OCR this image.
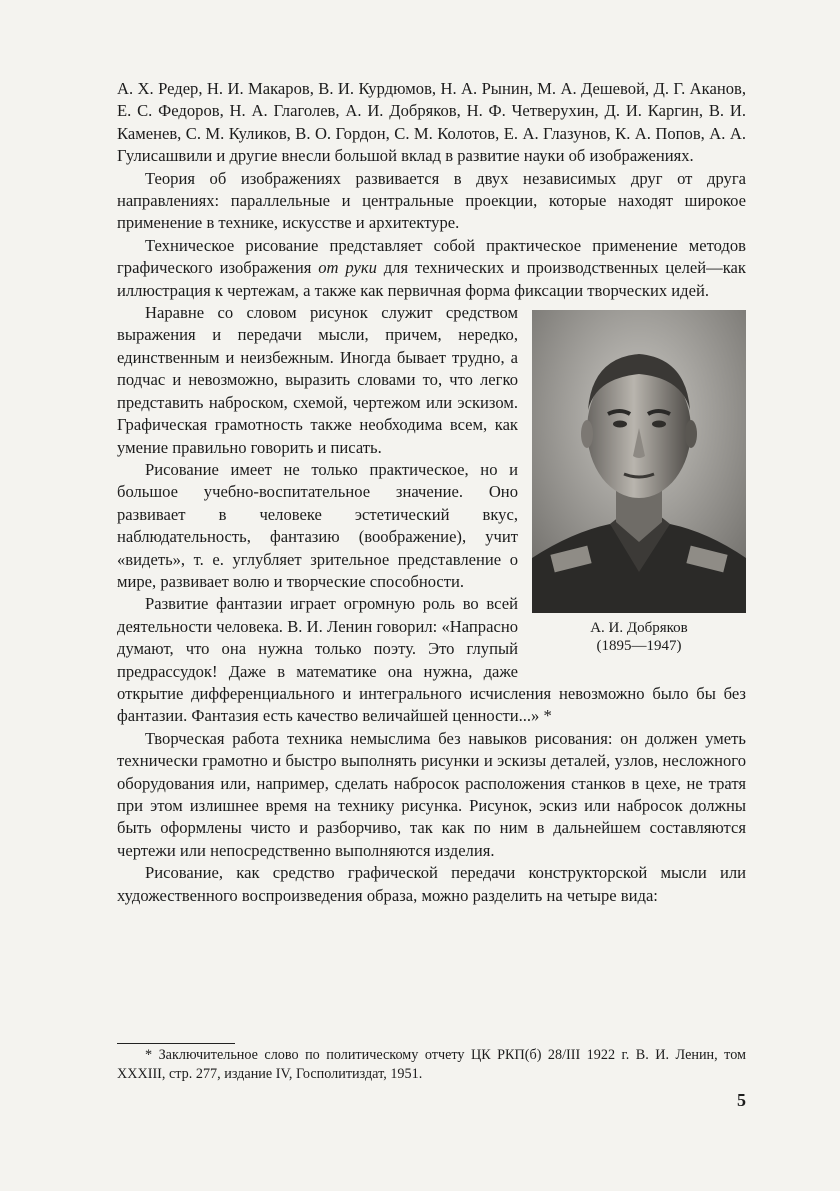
А. Х. Редер, Н. И. Макаров, В. И. Курдюмов, Н. А. Рынин, М. А. Дешевой, Д. Г. Аканов, Е. С. Федоров, Н. А. Глаголев, А. И. Добряков, Н. Ф. Четверухин, Д. И. Каргин, В. И. Каменев, С. М. Куликов, В. О. Гордон, С. М. Колотов, Е. А. Глазунов, К. А. Попов, А. А. Гулисашвили и другие внесли большой вклад в развитие науки об изображениях.

Теория об изображениях развивается в двух независимых друг от друга направлениях: параллельные и центральные проекции, которые находят широкое применение в технике, искусстве и архитектуре.

Техническое рисование представляет собой практическое применение методов графического изображения от руки для технических и производственных целей—как иллюстрация к чертежам, а также как первичная форма фиксации творческих идей.

А. И. Добряков
(1895—1947)

Наравне со словом рисунок служит средством выражения и передачи мысли, причем, нередко, единственным и неизбежным. Иногда бывает трудно, а подчас и невозможно, выразить словами то, что легко представить наброском, схемой, чертежом или эскизом. Графическая грамотность также необходима всем, как умение правильно говорить и писать.

Рисование имеет не только практическое, но и большое учебно-воспитательное значение. Оно развивает в человеке эстетический вкус, наблюдательность, фантазию (воображение), учит «видеть», т. е. углубляет зрительное представление о мире, развивает волю и творческие способности.

Развитие фантазии играет огромную роль во всей деятельности человека. В. И. Ленин говорил: «Напрасно думают, что она нужна только поэту. Это глупый предрассудок! Даже в математике она нужна, даже открытие дифференциального и интегрального исчисления невозможно было бы без фантазии. Фантазия есть качество величайшей ценности...» *

Творческая работа техника немыслима без навыков рисования: он должен уметь технически грамотно и быстро выполнять рисунки и эскизы деталей, узлов, несложного оборудования или, например, сделать набросок расположения станков в цехе, не тратя при этом излишнее время на технику рисунка. Рисунок, эскиз или набросок должны быть оформлены чисто и разборчиво, так как по ним в дальнейшем составляются чертежи или непосредственно выполняются изделия.

Рисование, как средство графической передачи конструкторской мысли или художественного воспроизведения образа, можно разделить на четыре вида:

* Заключительное слово по политическому отчету ЦК РКП(б) 28/III 1922 г. В. И. Ленин, том XXXIII, стр. 277, издание IV, Госполитиздат, 1951.

5
